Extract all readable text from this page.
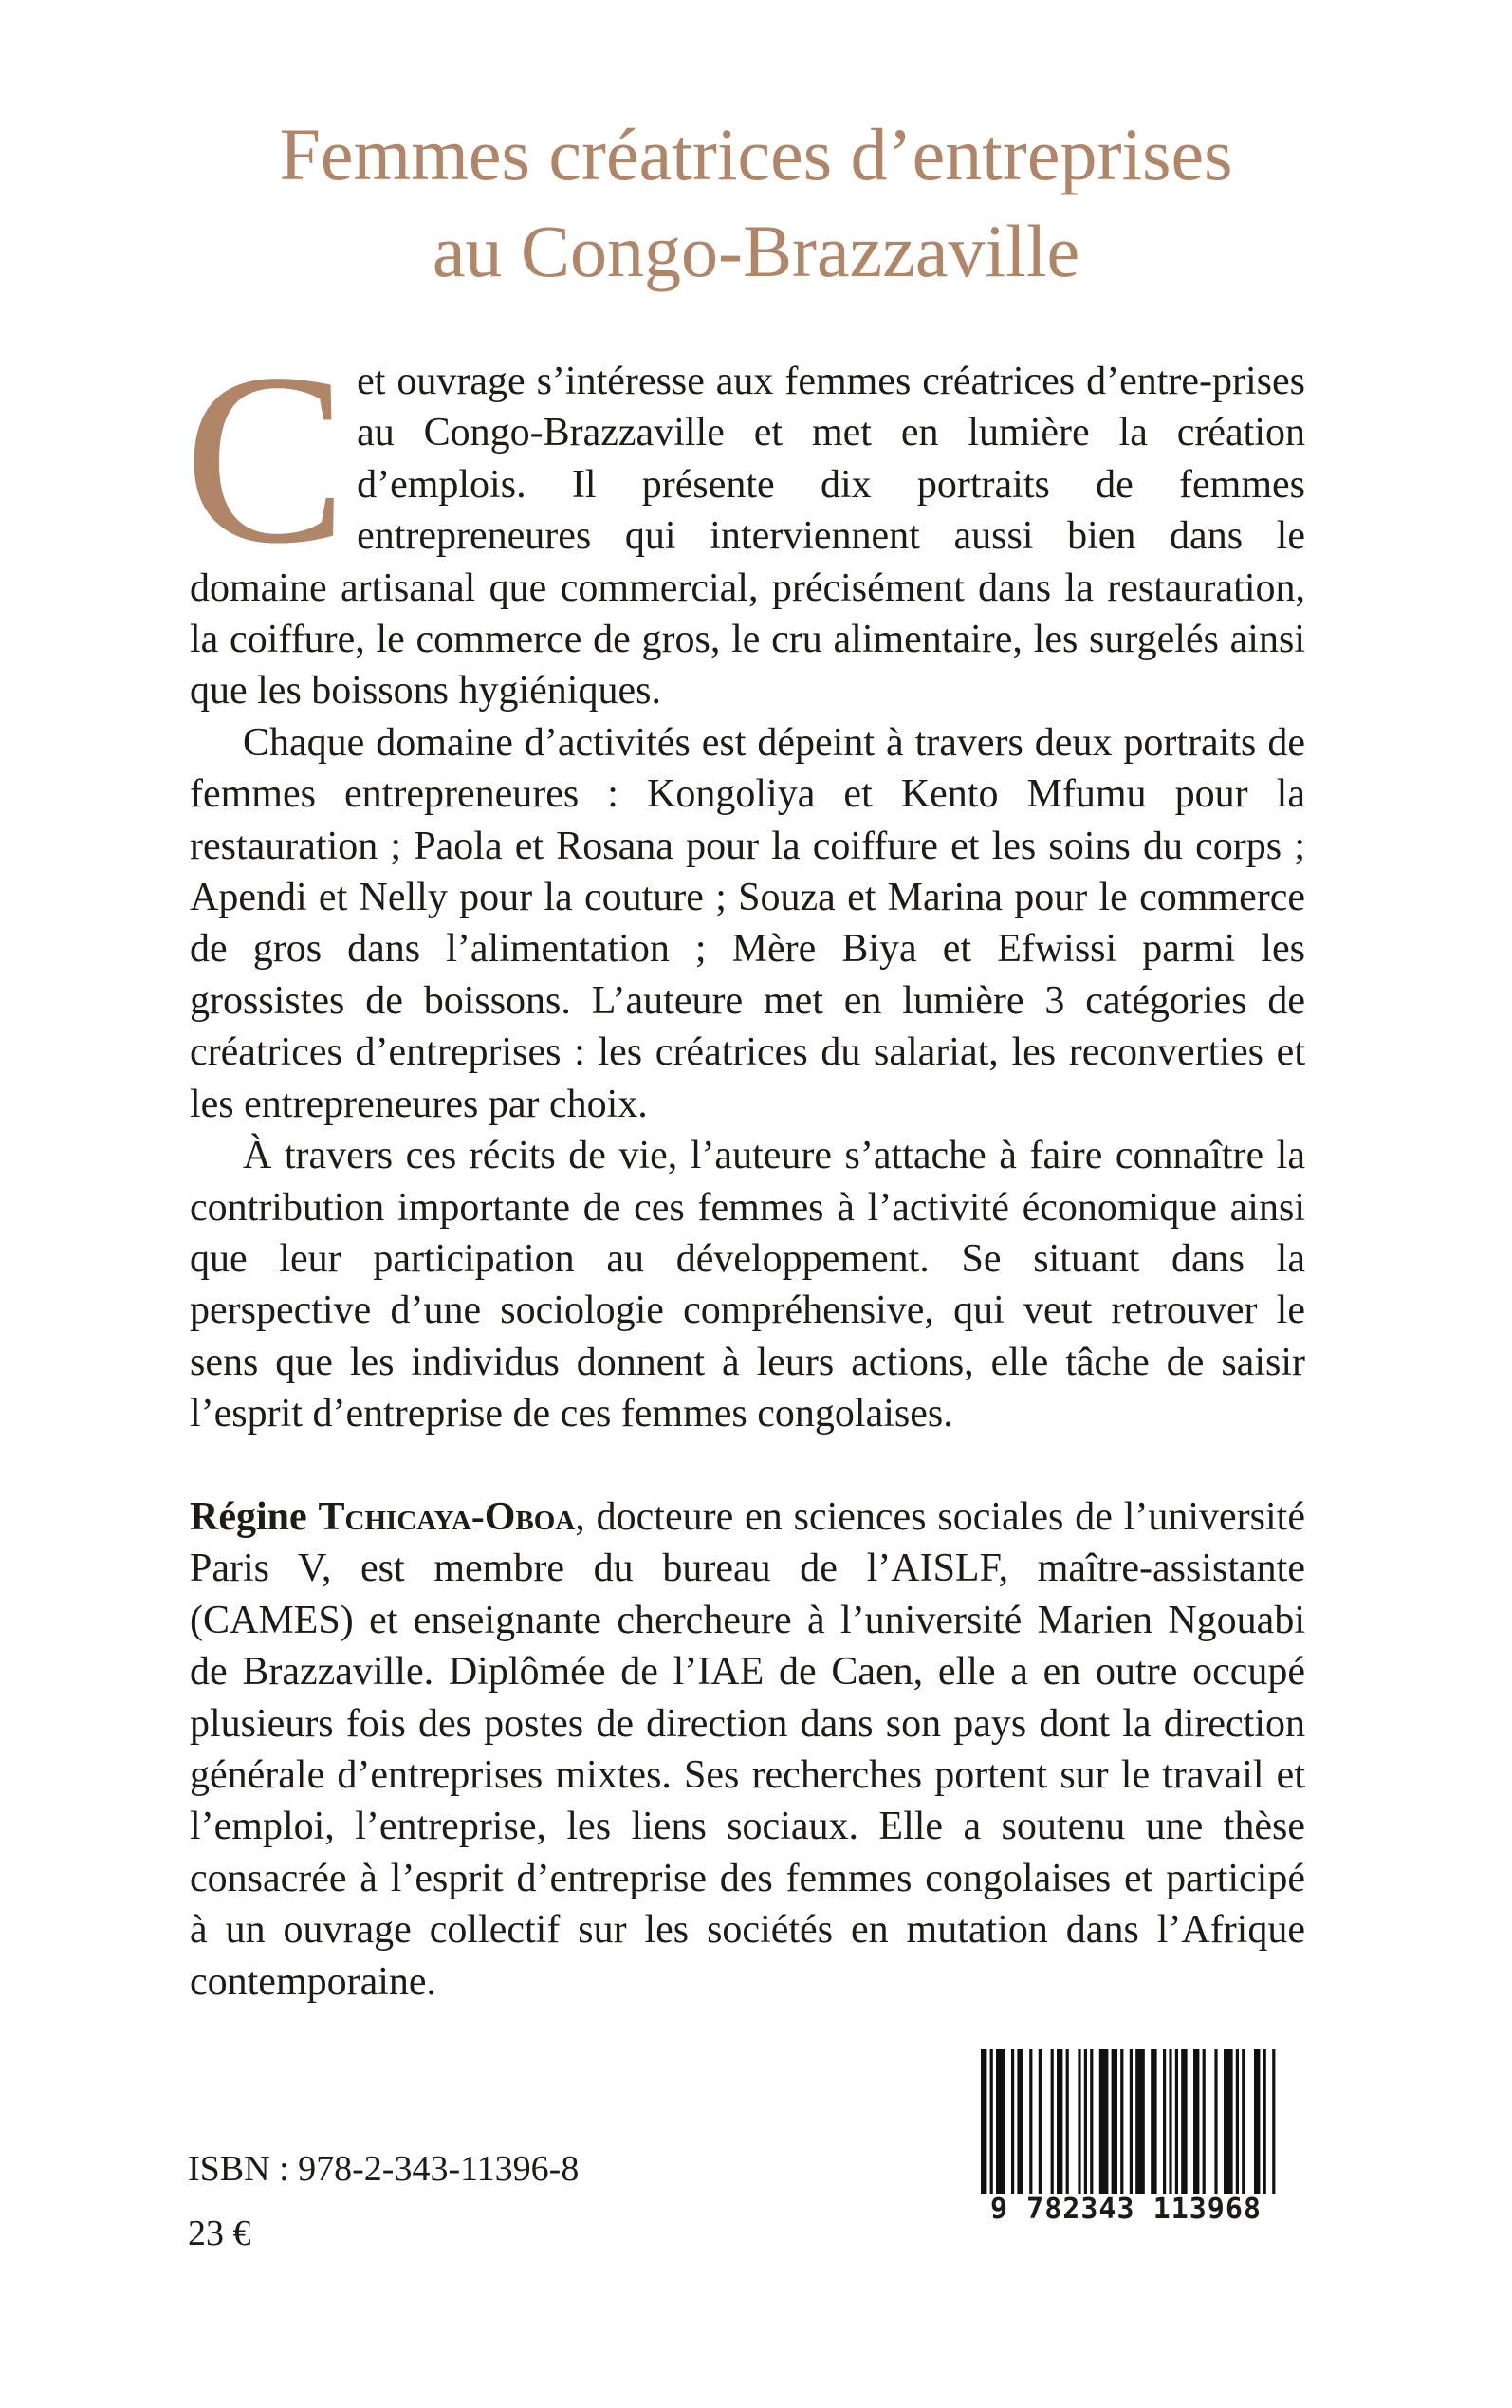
Femmes créatrices d’entreprises
au Congo-Brazzaville

Cet ouvrage s’intéresse aux femmes créatrices d’entre-prises au Congo-Brazzaville et met en lumière la création d’emplois. Il présente dix portraits de femmes entrepreneures qui interviennent aussi bien dans le domaine artisanal que commercial, précisément dans la restauration, la coiffure, le commerce de gros, le cru alimentaire, les surgelés ainsi que les boissons hygiéniques.

Chaque domaine d’activités est dépeint à travers deux portraits de femmes entrepreneures : Kongoliya et Kento Mfumu pour la restauration ; Paola et Rosana pour la coiffure et les soins du corps ; Apendi et Nelly pour la couture ; Souza et Marina pour le commerce de gros dans l’alimentation ; Mère Biya et Efwissi parmi les grossistes de boissons. L’auteure met en lumière 3 catégories de créatrices d’entreprises : les créatrices du salariat, les reconverties et les entrepreneures par choix.

À travers ces récits de vie, l’auteure s’attache à faire connaître la contribution importante de ces femmes à l’activité économique ainsi que leur participation au développement. Se situant dans la perspective d’une sociologie compréhensive, qui veut retrouver le sens que les individus donnent à leurs actions, elle tâche de saisir l’esprit d’entreprise de ces femmes congolaises.

Régine Tchicaya-Oboa, docteure en sciences sociales de l’université Paris V, est membre du bureau de l’AISLF, maître-assistante (CAMES) et enseignante chercheure à l’université Marien Ngouabi de Brazzaville. Diplômée de l’IAE de Caen, elle a en outre occupé plusieurs fois des postes de direction dans son pays dont la direction générale d’entreprises mixtes. Ses recherches portent sur le travail et l’emploi, l’entreprise, les liens sociaux. Elle a soutenu une thèse consacrée à l’esprit d’entreprise des femmes congolaises et participé à un ouvrage collectif sur les sociétés en mutation dans l’Afrique contemporaine.

ISBN : 978-2-343-11396-8
23 €
9 782343 113968
